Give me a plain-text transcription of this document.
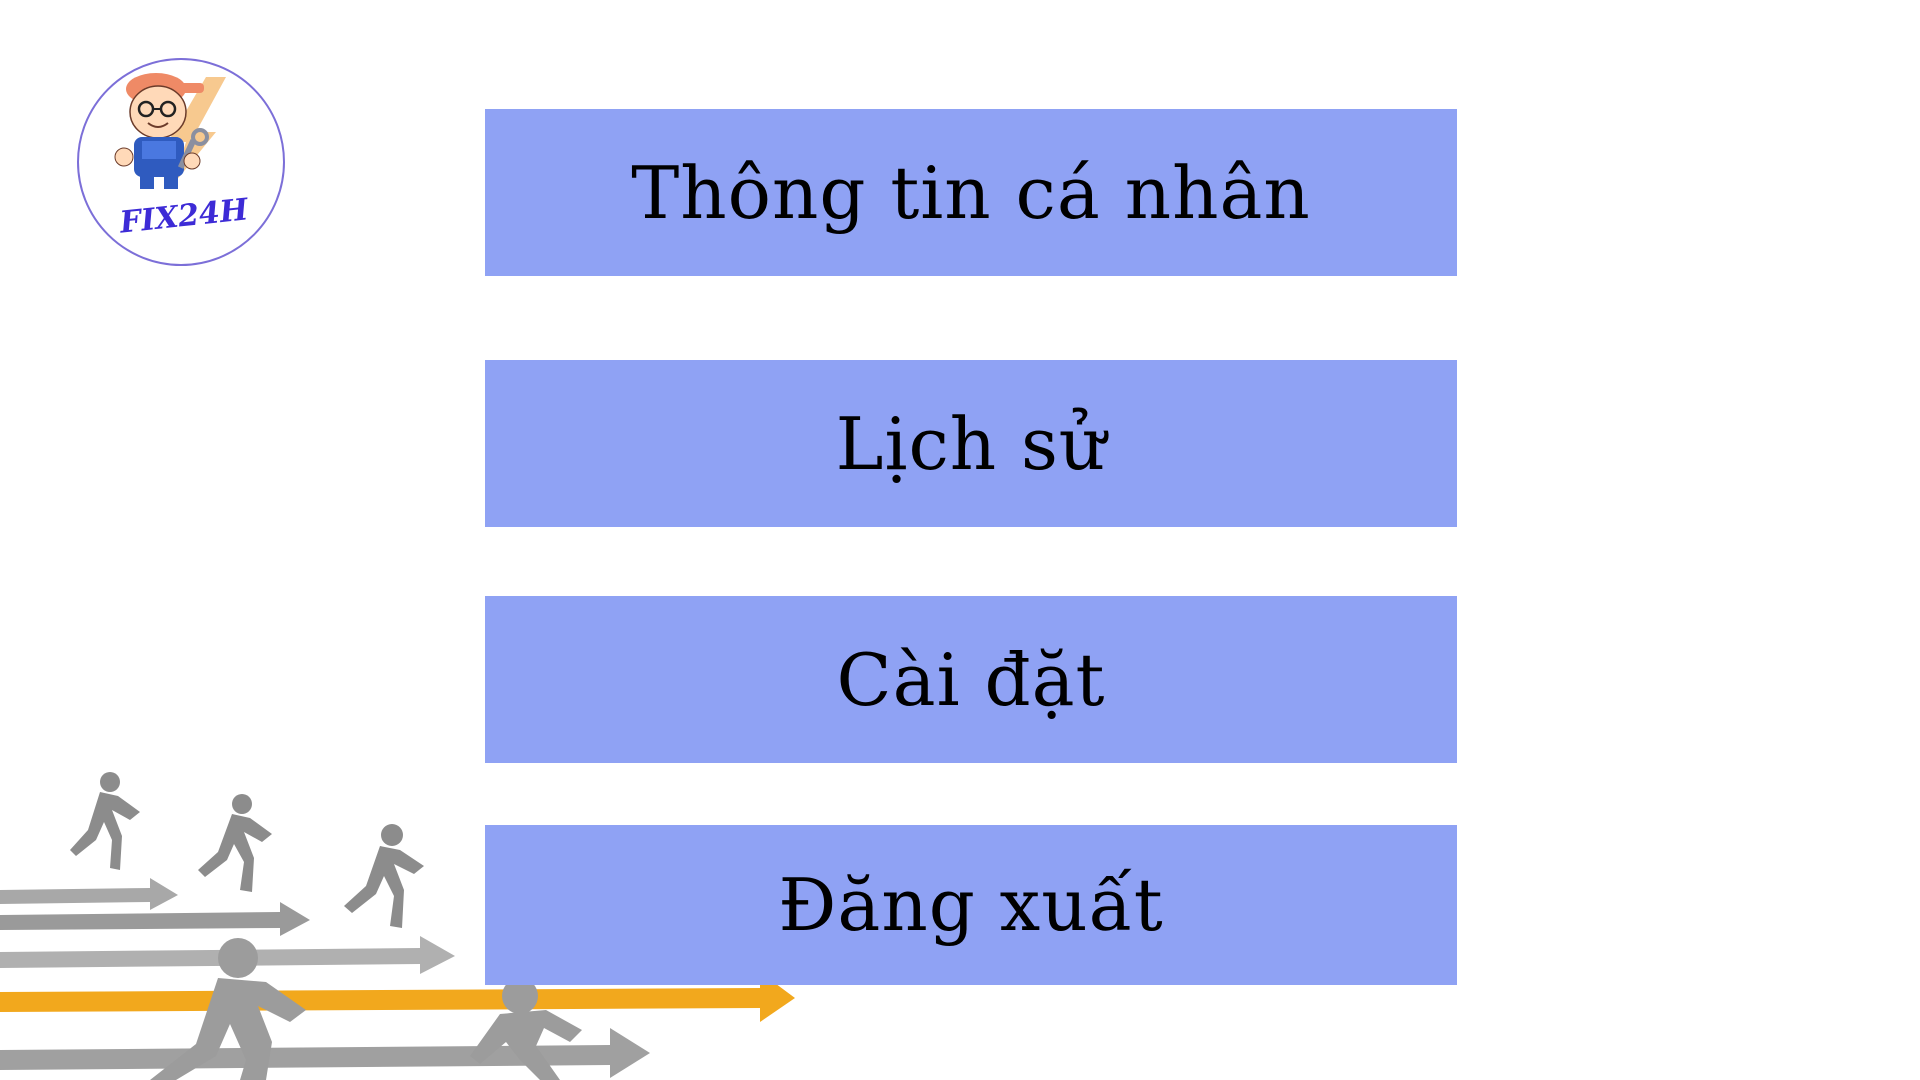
FIX24H	Thông tin cá nhân
Lịch sử
Cài đặt
Đăng xuất
